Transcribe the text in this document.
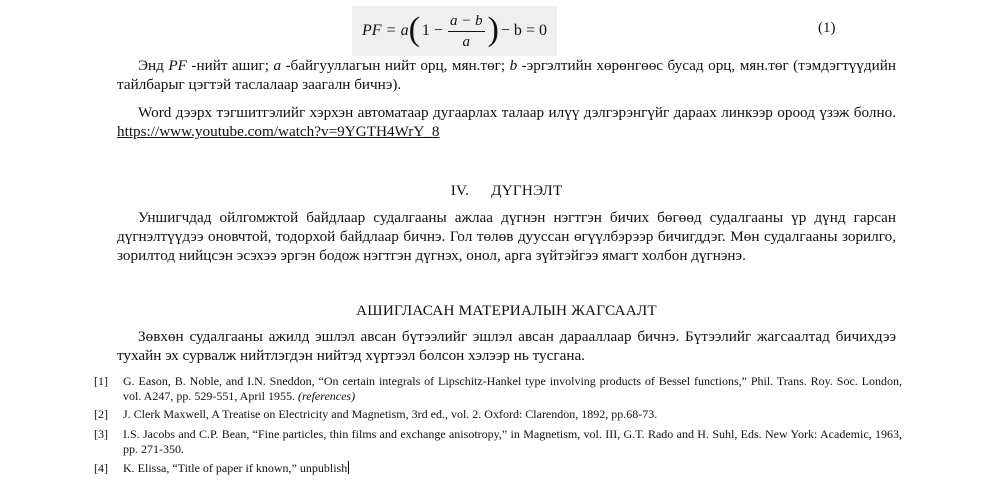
PF = a ( $1 - \frac{a - b}{a}$ ) − b = 0	(1)

Энд PF -нийт ашиг; a -байгууллагын нийт орц, мян.төг; b -эргэлтийн хөрөнгөөс бусад орц, мян.төг (тэмдэгтүүдийн тайлбарыг цэгтэй таслалаар заагалн бичнэ).

Word дээрх тэгшитгэлийг хэрхэн автоматаар дугаарлах талаар илүү дэлгэрэнгүйг дараах линкээр ороод үзэж болно. https://www.youtube.com/watch?v=9YGTH4WrY_8

IV. ДҮГНЭЛТ

Уншигчдад ойлгомжтой байдлаар судалгааны ажлаа дүгнэн нэгтгэн бичих бөгөөд судалгааны үр дүнд гарсан дүгнэлтүүдээ оновчтой, тодорхой байдлаар бичнэ. Гол төлөв дууссан өгүүлбэрээр бичигддэг. Мөн судалгааны зорилго, зорилтод нийцсэн эсэхээ эргэн бодож нэгтгэн дүгнэх, онол, арга зүйтэйгээ ямагт холбон дүгнэнэ.

АШИГЛАСАН МАТЕРИАЛЫН ЖАГСААЛТ

Зөвхөн судалгааны ажилд эшлэл авсан бүтээлийг эшлэл авсан дарааллаар бичнэ. Бүтээлийг жагсаалтад бичихдээ тухайн эх сурвалж нийтлэгдэн нийтэд хүртээл болсон хэлээр нь тусгана.

[1]	G. Eason, B. Noble, and I.N. Sneddon, “On certain integrals of Lipschitz-Hankel type involving products of Bessel functions,” Phil. Trans. Roy. Soc. London, vol. A247, pp. 529-551, April 1955. (references)
[2]	J. Clerk Maxwell, A Treatise on Electricity and Magnetism, 3rd ed., vol. 2. Oxford: Clarendon, 1892, pp.68-73.
[3]	I.S. Jacobs and C.P. Bean, “Fine particles, thin films and exchange anisotropy,” in Magnetism, vol. III, G.T. Rado and H. Suhl, Eds. New York: Academic, 1963, pp. 271-350.
[4]	K. Elissa, “Title of paper if known,” unpublish
